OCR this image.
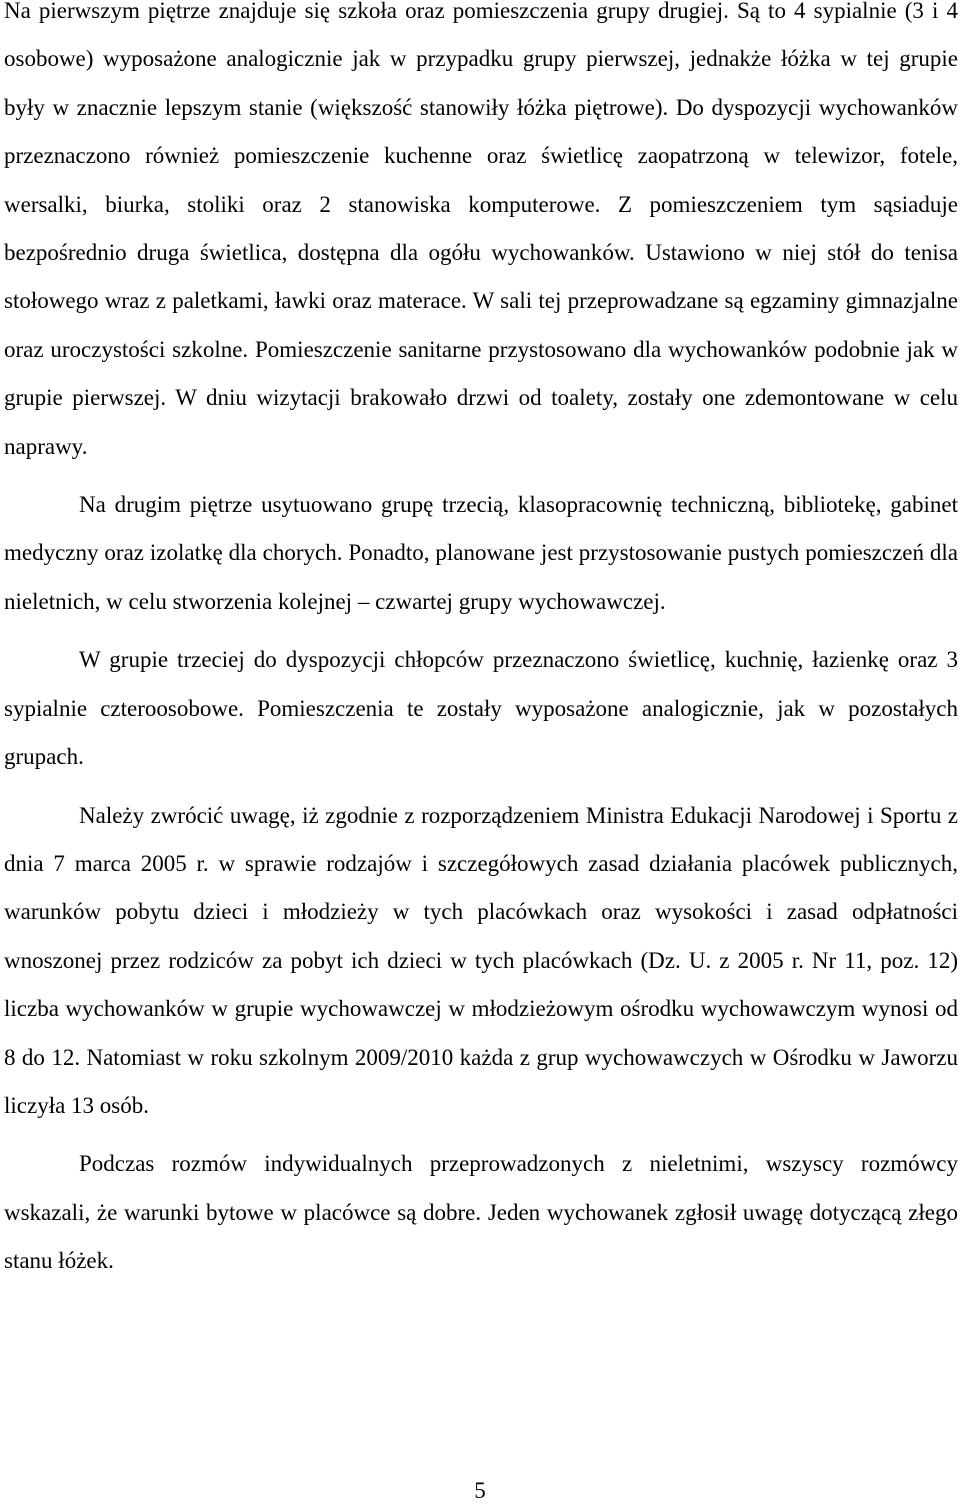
Na pierwszym piętrze znajduje się szkoła oraz pomieszczenia grupy drugiej. Są to 4 sypialnie (3 i 4 osobowe) wyposażone analogicznie jak w przypadku grupy pierwszej, jednakże łóżka w tej grupie były w znacznie lepszym stanie (większość stanowiły łóżka piętrowe). Do dyspozycji wychowanków przeznaczono również pomieszczenie kuchenne oraz świetlicę zaopatrzoną w telewizor, fotele, wersalki, biurka, stoliki oraz 2 stanowiska komputerowe. Z pomieszczeniem tym sąsiaduje bezpośrednio druga świetlica, dostępna dla ogółu wychowanków. Ustawiono w niej stół do tenisa stołowego wraz z paletkami, ławki oraz materace. W sali tej przeprowadzane są egzaminy gimnazjalne oraz uroczystości szkolne. Pomieszczenie sanitarne przystosowano dla wychowanków podobnie jak w grupie pierwszej. W dniu wizytacji brakowało drzwi od toalety, zostały one zdemontowane w celu naprawy.

Na drugim piętrze usytuowano grupę trzecią, klasopracownię techniczną, bibliotekę, gabinet medyczny oraz izolatkę dla chorych. Ponadto, planowane jest przystosowanie pustych pomieszczeń dla nieletnich, w celu stworzenia kolejnej – czwartej grupy wychowawczej.

W grupie trzeciej do dyspozycji chłopców przeznaczono świetlicę, kuchnię, łazienkę oraz 3 sypialnie czteroosobowe. Pomieszczenia te zostały wyposażone analogicznie, jak w pozostałych grupach.

Należy zwrócić uwagę, iż zgodnie z rozporządzeniem Ministra Edukacji Narodowej i Sportu z dnia 7 marca 2005 r. w sprawie rodzajów i szczegółowych zasad działania placówek publicznych, warunków pobytu dzieci i młodzieży w tych placówkach oraz wysokości i zasad odpłatności wnoszonej przez rodziców za pobyt ich dzieci w tych placówkach (Dz. U. z 2005 r. Nr 11, poz. 12) liczba wychowanków w grupie wychowawczej w młodzieżowym ośrodku wychowawczym wynosi od 8 do 12. Natomiast w roku szkolnym 2009/2010 każda z grup wychowawczych w Ośrodku w Jaworzu liczyła 13 osób.

Podczas rozmów indywidualnych przeprowadzonych z nieletnimi, wszyscy rozmówcy wskazali, że warunki bytowe w placówce są dobre. Jeden wychowanek zgłosił uwagę dotyczącą złego stanu łóżek.

5
